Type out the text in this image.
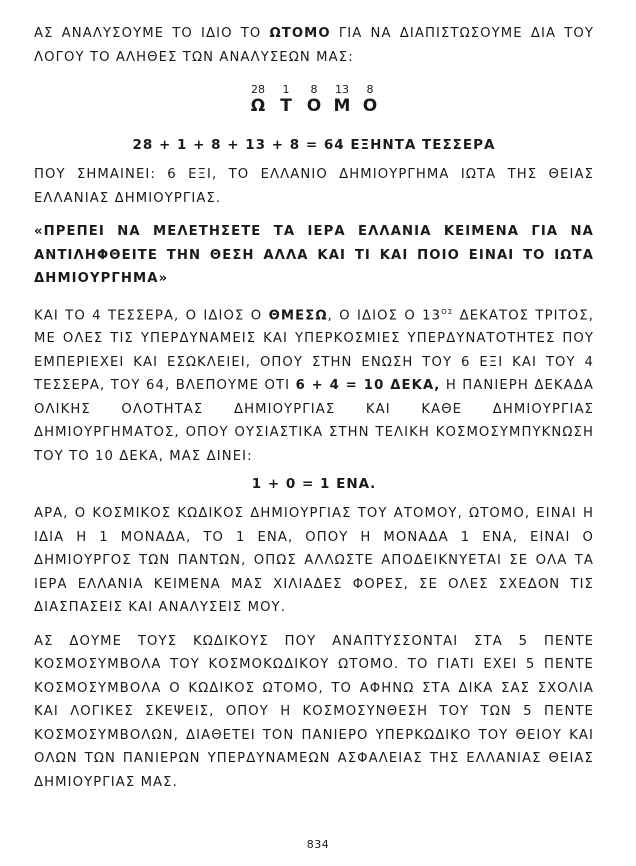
ΑΣ ΑΝΑΛΥΣΟΥΜΕ ΤΟ ΙΔΙΟ ΤΟ ΩΤΟΜΟ ΓΙΑ ΝΑ ΔΙΑΠΙΣΤΩΣΟΥΜΕ ΔΙΑ ΤΟΥ ΛΟΓΟΥ ΤΟ ΑΛΗΘΕΣ ΤΩΝ ΑΝΑΛΥΣΕΩΝ ΜΑΣ:

28	1	8	13	8
Ω Τ Ο Μ Ο
28 + 1 + 8 + 13 + 8 = 64 ΕΞΗΝΤΑ ΤΕΣΣΕΡΑ

ΠΟΥ ΣΗΜΑΙΝΕΙ: 6 ΕΞΙ, ΤΟ ΕΛΛΑΝΙΟ ΔΗΜΙΟΥΡΓΗΜΑ ΙΩΤΑ ΤΗΣ ΘΕΙΑΣ ΕΛΛΑΝΙΑΣ ΔΗΜΙΟΥΡΓΙΑΣ.

«ΠΡΕΠΕΙ ΝΑ ΜΕΛΕΤΗΣΕΤΕ ΤΑ ΙΕΡΑ ΕΛΛΑΝΙΑ ΚΕΙΜΕΝΑ ΓΙΑ ΝΑ ΑΝΤΙΛΗΦΘΕΙΤΕ ΤΗΝ ΘΕΣΗ ΑΛΛΑ ΚΑΙ ΤΙ ΚΑΙ ΠΟΙΟ ΕΙΝΑΙ ΤΟ ΙΩΤΑ ΔΗΜΙΟΥΡΓΗΜΑ»

ΚΑΙ ΤΟ 4 ΤΕΣΣΕΡΑ, Ο ΙΔΙΟΣ Ο ΘΜΕΣΩ, Ο ΙΔΙΟΣ Ο $13^{O\Sigma}$ ΔΕΚΑΤΟΣ ΤΡΙΤΟΣ, ΜΕ ΟΛΕΣ ΤΙΣ ΥΠΕΡΔΥΝΑΜΕΙΣ ΚΑΙ ΥΠΕΡΚΟΣΜΙΕΣ ΥΠΕΡΔΥΝΑΤΟΤΗΤΕΣ ΠΟΥ ΕΜΠΕΡΙΕΧΕΙ ΚΑΙ ΕΣΩΚΛΕΙΕΙ, ΟΠΟΥ ΣΤΗΝ ΕΝΩΣΗ ΤΟΥ 6 ΕΞΙ ΚΑΙ ΤΟΥ 4 ΤΕΣΣΕΡΑ, ΤΟΥ 64, ΒΛΕΠΟΥΜΕ ΟΤΙ 6 + 4 = 10 ΔΕΚΑ, Η ΠΑΝΙΕΡΗ ΔΕΚΑΔΑ ΟΛΙΚΗΣ ΟΛΟΤΗΤΑΣ ΔΗΜΙΟΥΡΓΙΑΣ ΚΑΙ ΚΑΘΕ ΔΗΜΙΟΥΡΓΙΑΣ ΔΗΜΙΟΥΡΓΗΜΑΤΟΣ, ΟΠΟΥ ΟΥΣΙΑΣΤΙΚΑ ΣΤΗΝ ΤΕΛΙΚΗ ΚΟΣΜΟΣΥΜΠΥΚΝΩΣΗ ΤΟΥ ΤΟ 10 ΔΕΚΑ, ΜΑΣ ΔΙΝΕΙ:

1 + 0 = 1 ΕΝΑ.

ΑΡΑ, Ο ΚΟΣΜΙΚΟΣ ΚΩΔΙΚΟΣ ΔΗΜΙΟΥΡΓΙΑΣ ΤΟΥ ΑΤΟΜΟΥ, ΩΤΟΜΟ, ΕΙΝΑΙ Η ΙΔΙΑ Η 1 ΜΟΝΑΔΑ, ΤΟ 1 ΕΝΑ, ΟΠΟΥ Η ΜΟΝΑΔΑ 1 ΕΝΑ, ΕΙΝΑΙ Ο ΔΗΜΙΟΥΡΓΟΣ ΤΩΝ ΠΑΝΤΩΝ, ΟΠΩΣ ΑΛΛΩΣΤΕ ΑΠΟΔΕΙΚΝΥΕΤΑΙ ΣΕ ΟΛΑ ΤΑ ΙΕΡΑ ΕΛΛΑΝΙΑ ΚΕΙΜΕΝΑ ΜΑΣ ΧΙΛΙΑΔΕΣ ΦΟΡΕΣ, ΣΕ ΟΛΕΣ ΣΧΕΔΟΝ ΤΙΣ ΔΙΑΣΠΑΣΕΙΣ ΚΑΙ ΑΝΑΛΥΣΕΙΣ ΜΟΥ.

ΑΣ ΔΟΥΜΕ ΤΟΥΣ ΚΩΔΙΚΟΥΣ ΠΟΥ ΑΝΑΠΤΥΣΣΟΝΤΑΙ ΣΤΑ 5 ΠΕΝΤΕ ΚΟΣΜΟΣΥΜΒΟΛΑ ΤΟΥ ΚΟΣΜΟΚΩΔΙΚΟΥ ΩΤΟΜΟ. ΤΟ ΓΙΑΤΙ ΕΧΕΙ 5 ΠΕΝΤΕ ΚΟΣΜΟΣΥΜΒΟΛΑ Ο ΚΩΔΙΚΟΣ ΩΤΟΜΟ, ΤΟ ΑΦΗΝΩ ΣΤΑ ΔΙΚΑ ΣΑΣ ΣΧΟΛΙΑ ΚΑΙ ΛΟΓΙΚΕΣ ΣΚΕΨΕΙΣ, ΟΠΟΥ Η ΚΟΣΜΟΣΥΝΘΕΣΗ ΤΟΥ ΤΩΝ 5 ΠΕΝΤΕ ΚΟΣΜΟΣΥΜΒΟΛΩΝ, ΔΙΑΘΕΤΕΙ ΤΟΝ ΠΑΝΙΕΡΟ ΥΠΕΡΚΩΔΙΚΟ ΤΟΥ ΘΕΙΟΥ ΚΑΙ ΟΛΩΝ ΤΩΝ ΠΑΝΙΕΡΩΝ ΥΠΕΡΔΥΝΑΜΕΩΝ ΑΣΦΑΛΕΙΑΣ ΤΗΣ ΕΛΛΑΝΙΑΣ ΘΕΙΑΣ ΔΗΜΙΟΥΡΓΙΑΣ ΜΑΣ.

834
